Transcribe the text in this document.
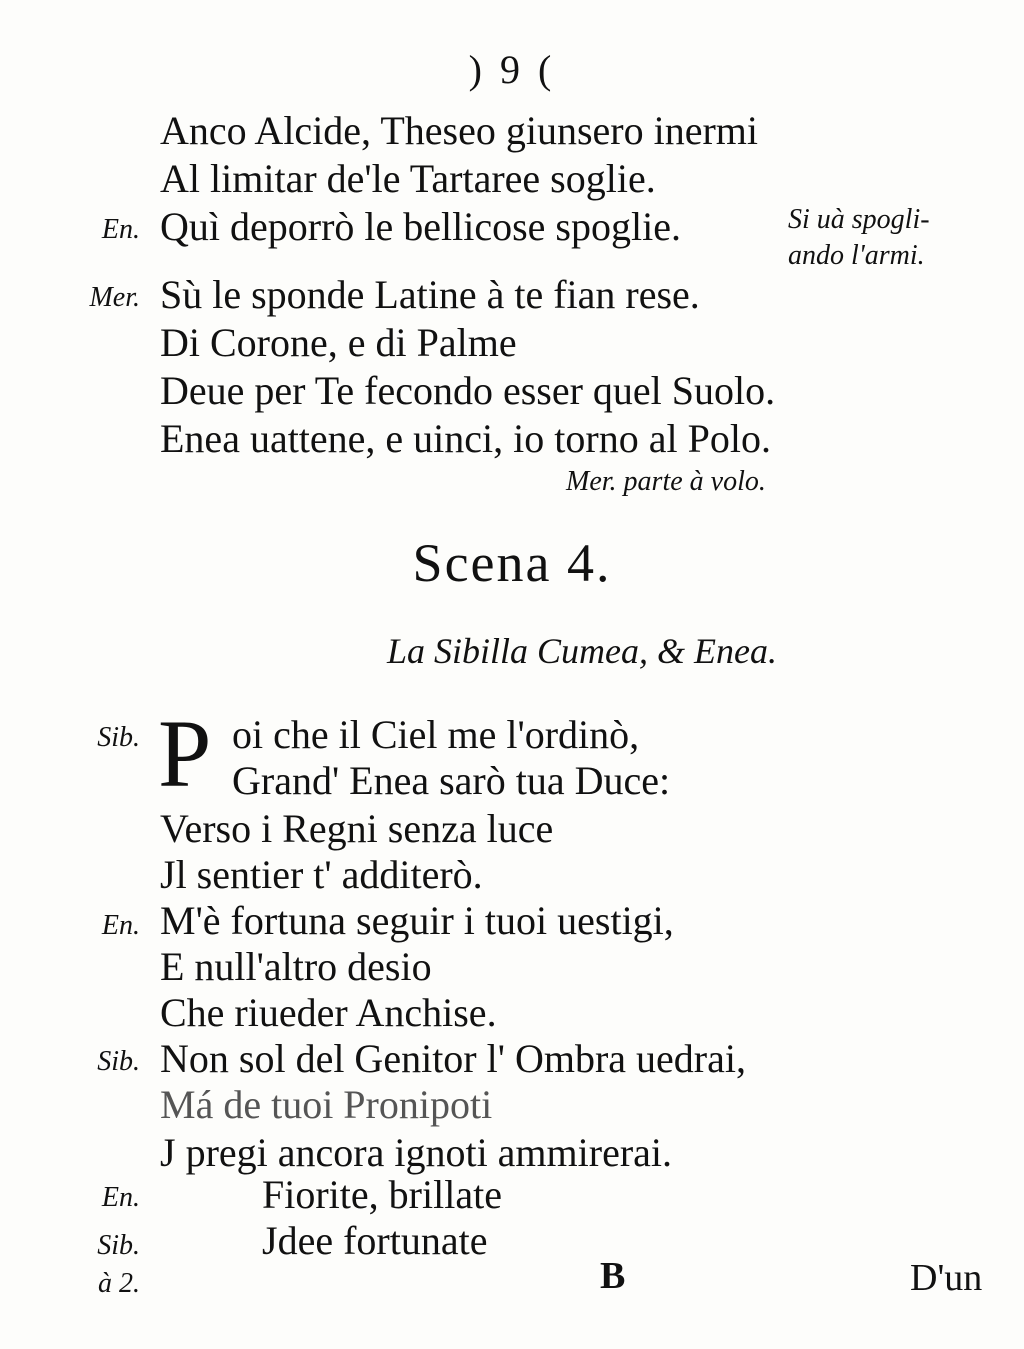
) 9 (
Anco Alcide, Theseo giunsero inermi
Al limitar de'le Tartaree soglie.
En. Quì deporrò le bellicose spoglie.	Si uà spogli-
ando l'armi.
Mer. Sù le sponde Latine à te fian rese.
Di Corone, e di Palme
Deue per Te fecondo esser quel Suolo.
Enea uattene, e uinci, io torno al Polo.
Mer. parte à volo.
Scena 4.
La Sibilla Cumea, & Enea.
Sib. P oi che il Ciel me l'ordinò,
Grand' Enea sarò tua Duce:
Verso i Regni senza luce
Jl sentier t' additerò.
En. M'è fortuna seguir i tuoi uestigi,
E null'altro desio
Che riueder Anchise.
Sib. Non sol del Genitor l' Ombra uedrai,
Má de tuoi Pronipoti
J pregi ancora ignoti ammirerai.
En.	Fiorite, brillate
Sib.	Jdee fortunate
à 2.	B	D'un
